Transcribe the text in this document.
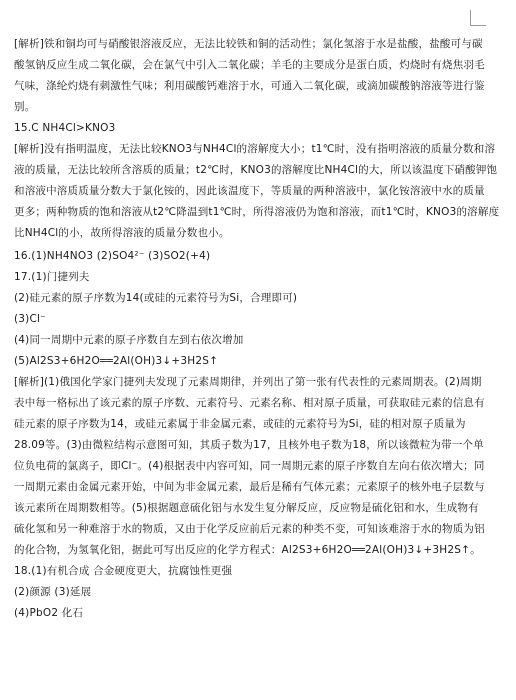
[解析]铁和铜均可与硝酸银溶液反应，无法比较铁和铜的活动性；氯化氢溶于水是盐酸，盐酸可与碳
酸氢钠反应生成二氧化碳，会在氯气中引入二氧化碳；羊毛的主要成分是蛋白质，灼烧时有烧焦羽毛
气味，涤纶灼烧有刺激性气味；利用碳酸钙难溶于水，可通入二氧化碳，或滴加碳酸钠溶液等进行鉴
别。
15.C NH4Cl>KNO3
[解析]没有指明温度，无法比较KNO3与NH4Cl的溶解度大小；t1℃时，没有指明溶液的质量分数和溶
液的质量，无法比较所含溶质的质量；t2℃时，KNO3的溶解度比NH4Cl的大，所以该温度下硝酸钾饱
和溶液中溶质质量分数大于氯化铵的，因此该温度下，等质量的两种溶液中，氯化铵溶液中水的质量
更多；两种物质的饱和溶液从t2℃降温到t1℃时，所得溶液仍为饱和溶液，而t1℃时，KNO3的溶解度
比NH4Cl的小，故所得溶液的质量分数也小。
16.(1)NH4NO3 (2)SO4²⁻ (3)SO2(+4)
17.(1)门捷列夫
(2)硅元素的原子序数为14(或硅的元素符号为Si，合理即可)
(3)Cl⁻
(4)同一周期中元素的原子序数自左到右依次增加
(5)Al2S3+6H2O══2Al(OH)3↓+3H2S↑
[解析](1)俄国化学家门捷列夫发现了元素周期律，并列出了第一张有代表性的元素周期表。(2)周期
表中每一格标出了该元素的原子序数、元素符号、元素名称、相对原子质量，可获取硅元素的信息有
硅元素的原子序数为14，或硅元素属于非金属元素，或硅的元素符号为Si，硅的相对原子质量为
28.09等。(3)由微粒结构示意图可知，其质子数为17，且核外电子数为18，所以该微粒为带一个单
位负电荷的氯离子，即Cl⁻。(4)根据表中内容可知，同一周期元素的原子序数自左向右依次增大；同
一周期元素由金属元素开始，中间为非金属元素，最后是稀有气体元素；元素原子的核外电子层数与
该元素所在周期数相等。(5)根据题意硫化铝与水发生复分解反应，反应物是硫化铝和水，生成物有
硫化氢和另一种难溶于水的物质，又由于化学反应前后元素的种类不变，可知该难溶于水的物质为铝
的化合物，为氢氧化铝，据此可写出反应的化学方程式：Al2S3+6H2O══2Al(OH)3↓+3H2S↑。
18.(1)有机合成 合金硬度更大，抗腐蚀性更强
(2)颜源 (3)延展
(4)PbO2 化石
